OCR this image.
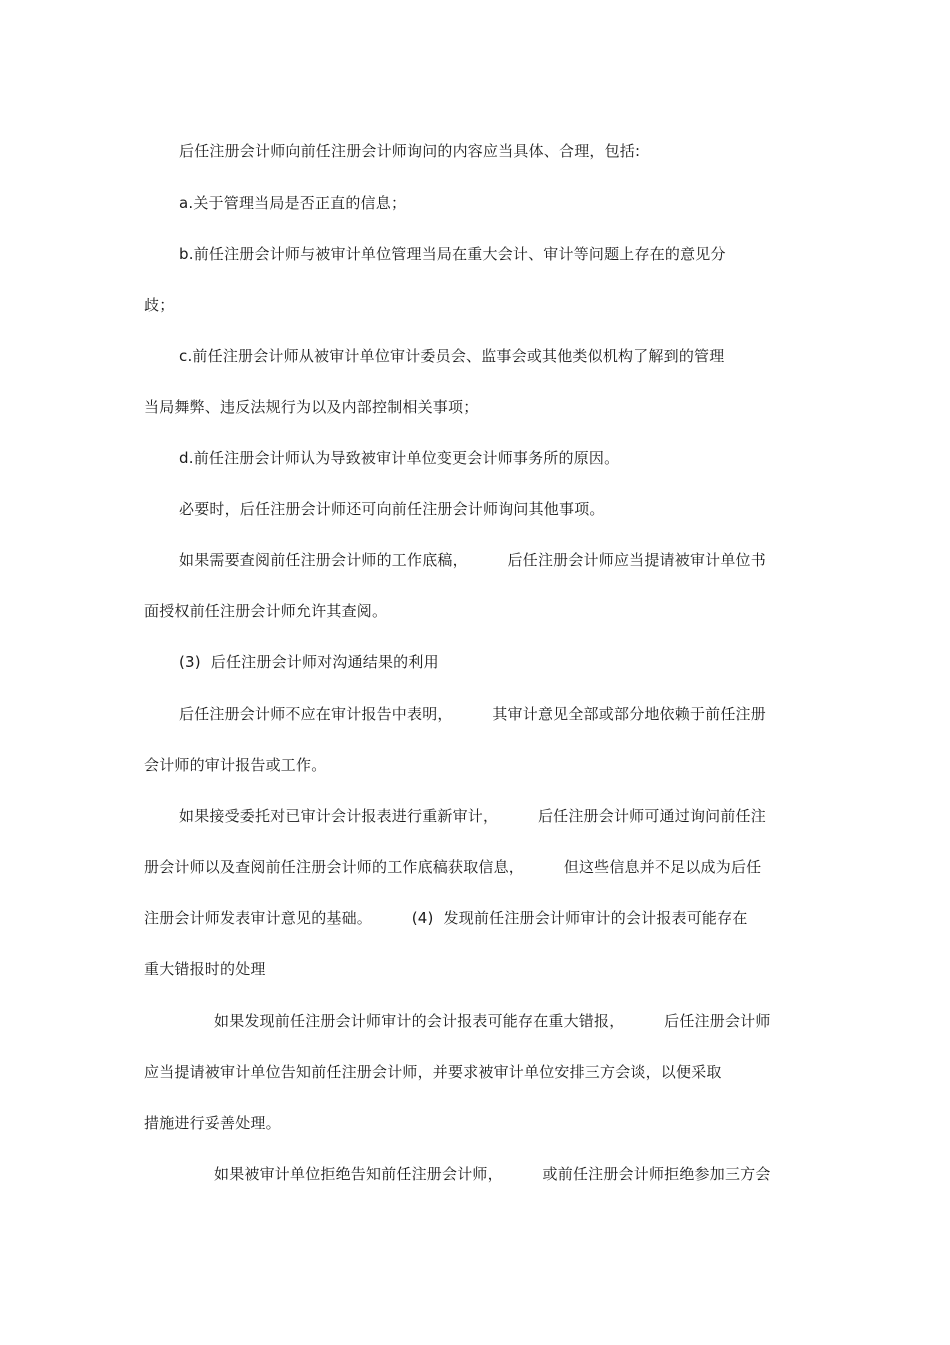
后任注册会计师向前任注册会计师询问的内容应当具体、合理，包括:
a.关于管理当局是否正直的信息；
b.前任注册会计师与被审计单位管理当局在重大会计、审计等问题上存在的意见分
歧；
c.前任注册会计师从被审计单位审计委员会、监事会或其他类似机构了解到的管理
当局舞弊、违反法规行为以及内部控制相关事项；
d.前任注册会计师认为导致被审计单位变更会计师事务所的原因。
必要时，后任注册会计师还可向前任注册会计师询问其他事项。
如果需要查阅前任注册会计师的工作底稿，        后任注册会计师应当提请被审计单位书
面授权前任注册会计师允许其查阅。
(3)  后任注册会计师对沟通结果的利用
后任注册会计师不应在审计报告中表明，        其审计意见全部或部分地依赖于前任注册
会计师的审计报告或工作。
如果接受委托对已审计会计报表进行重新审计，        后任注册会计师可通过询问前任注
册会计师以及查阅前任注册会计师的工作底稿获取信息，        但这些信息并不足以成为后任
注册会计师发表审计意见的基础。        (4)  发现前任注册会计师审计的会计报表可能存在
重大错报时的处理
如果发现前任注册会计师审计的会计报表可能存在重大错报，        后任注册会计师
应当提请被审计单位告知前任注册会计师，并要求被审计单位安排三方会谈，以便采取
措施进行妥善处理。
如果被审计单位拒绝告知前任注册会计师，        或前任注册会计师拒绝参加三方会
